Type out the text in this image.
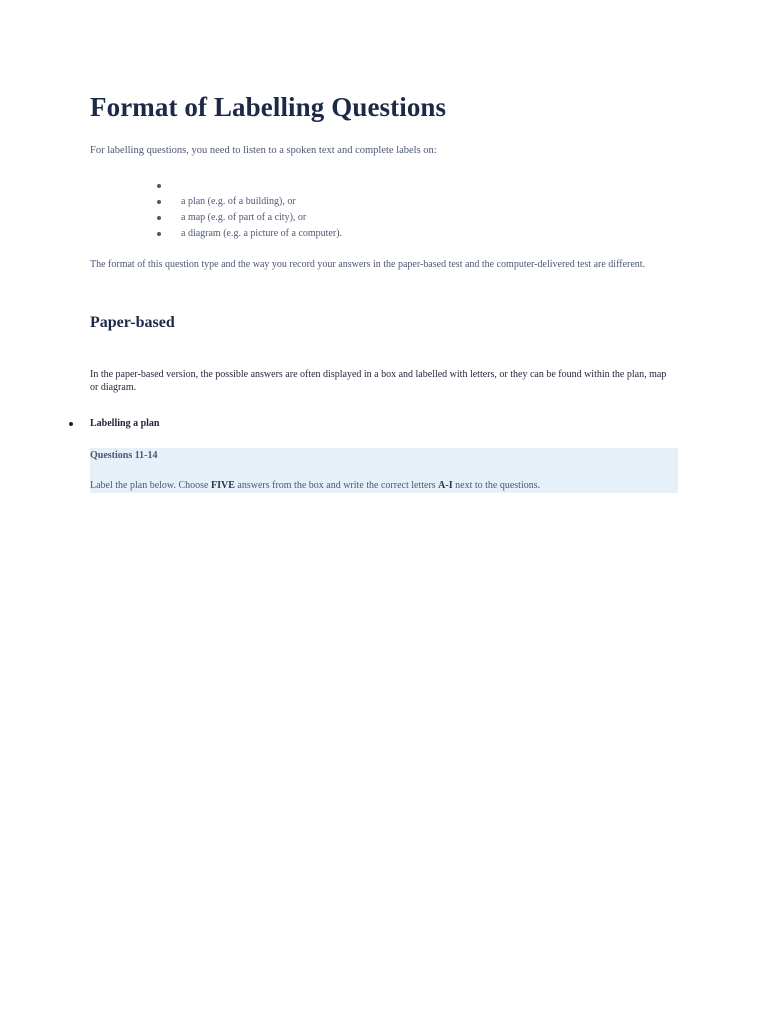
Format of Labelling Questions

For labelling questions, you need to listen to a spoken text and complete labels on:

a plan (e.g. of a building), or
a map (e.g. of part of a city), or
a diagram (e.g. a picture of a computer).

The format of this question type and the way you record your answers in the paper-based test and the computer-delivered test are different.

Paper-based

In the paper-based version, the possible answers are often displayed in a box and labelled with letters, or they can be found within the plan, map or diagram.

Labelling a plan

Questions 11-14

Label the plan below. Choose FIVE answers from the box and write the correct letters A-I next to the questions.
